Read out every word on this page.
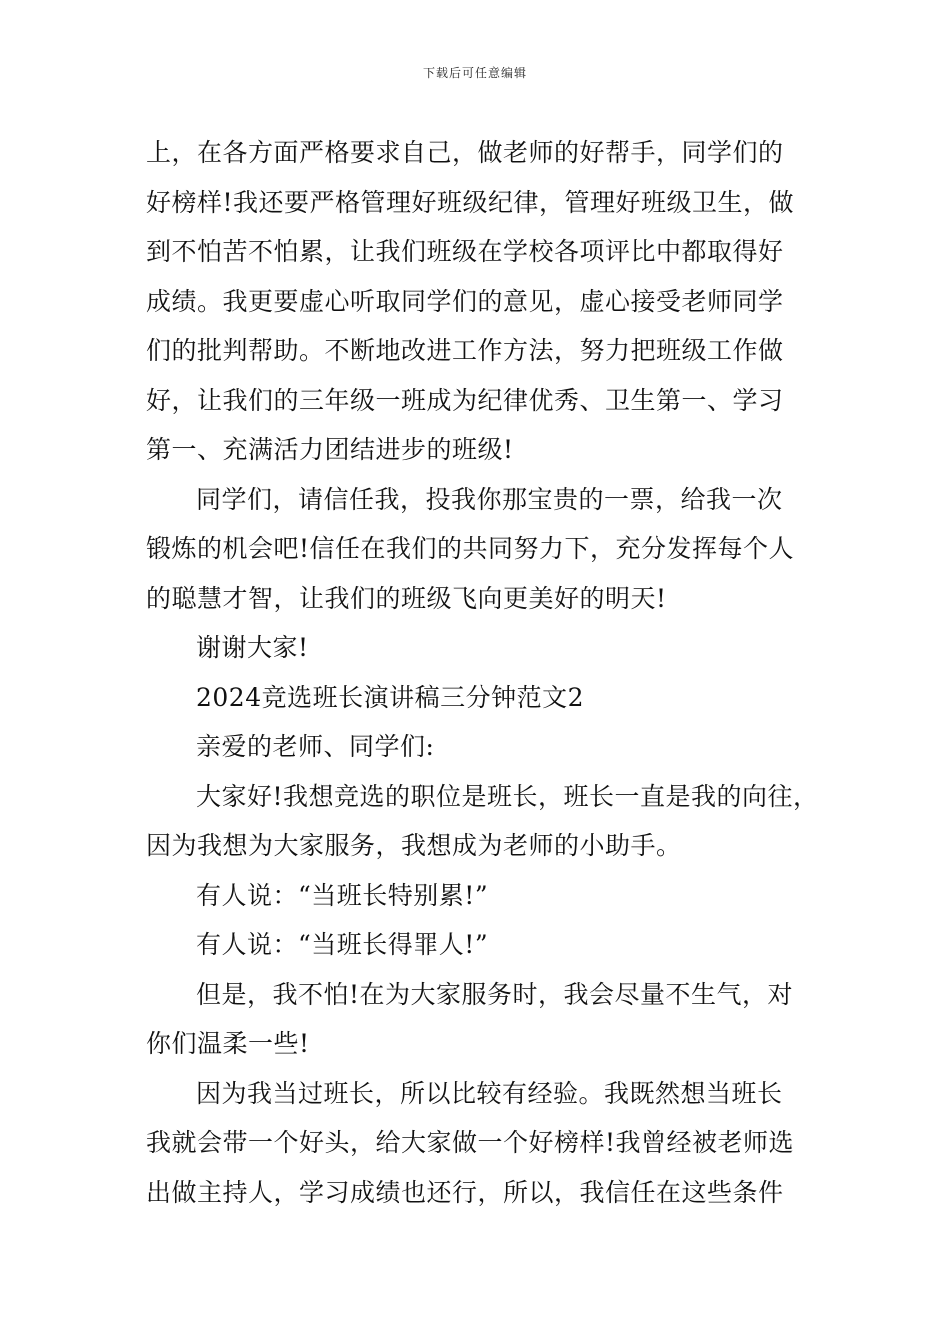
下载后可任意编辑
上，在各方面严格要求自己，做老师的好帮手，同学们的
好榜样!我还要严格管理好班级纪律，管理好班级卫生，做
到不怕苦不怕累，让我们班级在学校各项评比中都取得好
成绩。我更要虚心听取同学们的意见，虚心接受老师同学
们的批判帮助。不断地改进工作方法，努力把班级工作做
好，让我们的三年级一班成为纪律优秀、卫生第一、学习
第一、充满活力团结进步的班级!
同学们，请信任我，投我你那宝贵的一票，给我一次
锻炼的机会吧!信任在我们的共同努力下，充分发挥每个人
的聪慧才智，让我们的班级飞向更美好的明天!
谢谢大家!
2024竞选班长演讲稿三分钟范文2
亲爱的老师、同学们:
大家好!我想竞选的职位是班长，班长一直是我的向往，
因为我想为大家服务，我想成为老师的小助手。
有人说：“当班长特别累!”
有人说：“当班长得罪人!”
但是，我不怕!在为大家服务时，我会尽量不生气，对
你们温柔一些!
因为我当过班长，所以比较有经验。我既然想当班长
我就会带一个好头，给大家做一个好榜样!我曾经被老师选
出做主持人，学习成绩也还行，所以，我信任在这些条件
